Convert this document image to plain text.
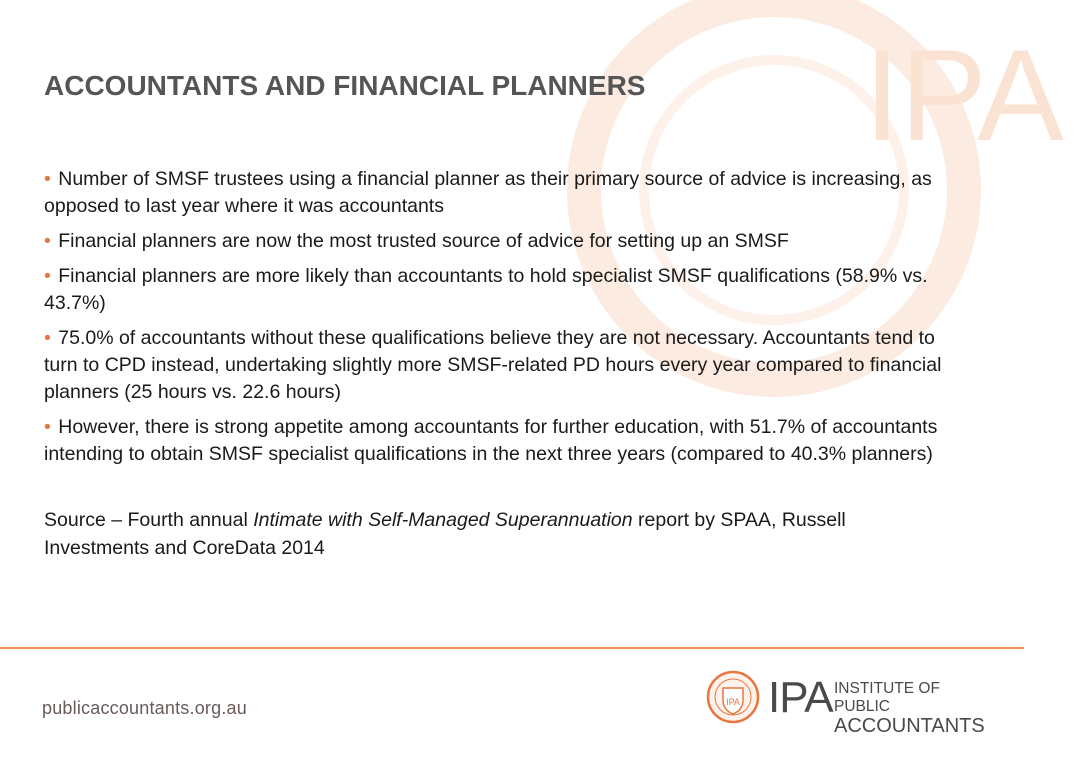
IPA
ACCOUNTANTS AND FINANCIAL PLANNERS

• Number of SMSF trustees using a financial planner as their primary source of advice is increasing, as opposed to last year where it was accountants

• Financial planners are now the most trusted source of advice for setting up an SMSF

• Financial planners are more likely than accountants to hold specialist SMSF qualifications (58.9% vs. 43.7%)

• 75.0% of accountants without these qualifications believe they are not necessary. Accountants tend to turn to CPD instead, undertaking slightly more SMSF-related PD hours every year compared to financial planners (25 hours vs. 22.6 hours)

• However, there is strong appetite among accountants for further education, with 51.7% of accountants intending to obtain SMSF specialist qualifications in the next three years (compared to 40.3% planners)

Source – Fourth annual Intimate with Self-Managed Superannuation report by SPAA, Russell Investments and CoreData 2014

publicaccountants.org.au	IPA IPA INSTITUTE OF PUBLIC
ACCOUNTANTS
